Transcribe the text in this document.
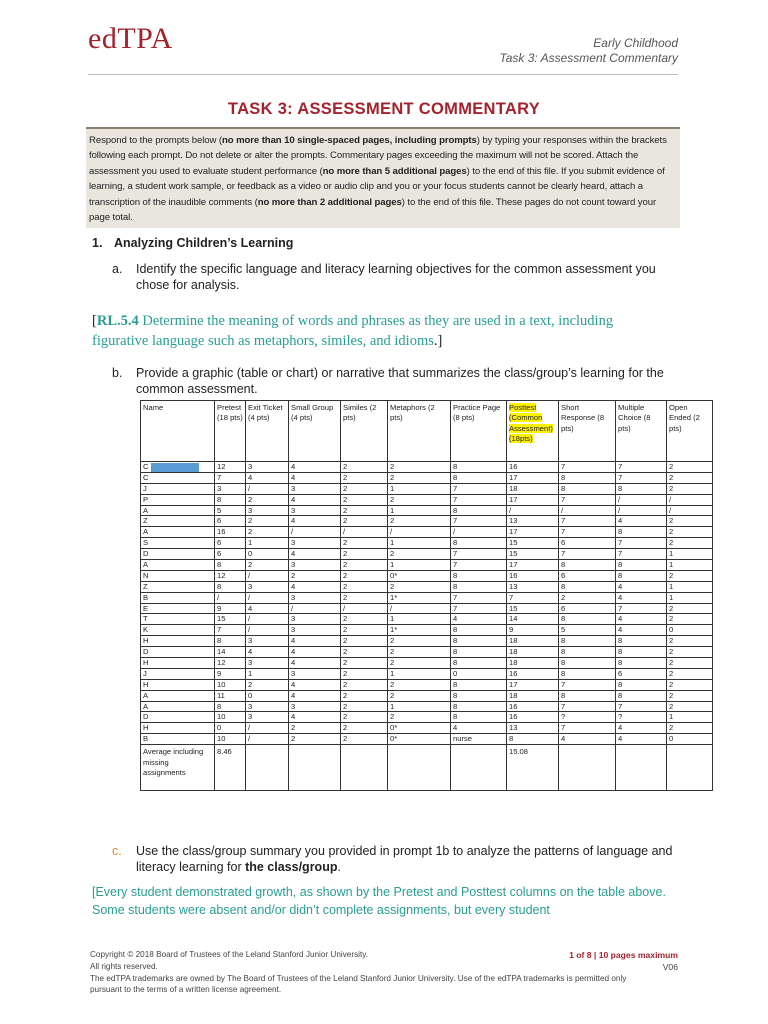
edTPA	Early Childhood
Task 3: Assessment Commentary
TASK 3: ASSESSMENT COMMENTARY
Respond to the prompts below (no more than 10 single-spaced pages, including prompts) by typing your responses within the brackets following each prompt. Do not delete or alter the prompts. Commentary pages exceeding the maximum will not be scored. Attach the assessment you used to evaluate student performance (no more than 5 additional pages) to the end of this file. If you submit evidence of learning, a student work sample, or feedback as a video or audio clip and you or your focus students cannot be clearly heard, attach a transcription of the inaudible comments (no more than 2 additional pages) to the end of this file. These pages do not count toward your page total.
1. Analyzing Children’s Learning
a. Identify the specific language and literacy learning objectives for the common assessment you chose for analysis.
[RL.5.4 Determine the meaning of words and phrases as they are used in a text, including figurative language such as metaphors, similes, and idioms.]
b. Provide a graphic (table or chart) or narrative that summarizes the class/group’s learning for the common assessment.
Name	Pretest (18 pts)	Exit Ticket (4 pts)	Small Group (4 pts)	Similes (2 pts)	Metaphors (2 pts)	Practice Page (8 pts)	Posttest (Common Assessment) (18pts)	Short Response (8 pts)	Multiple Choice (8 pts)	Open Ended (2 pts)

C	12	3	4	2	2	8	16	7	7	2
C	7	4	4	2	2	8	17	8	7	2
J	3	/	3	2	1	7	18	8	8	2
P	8	2	4	2	2	7	17	7	/	/
A	5	3	3	2	1	8	/	/	/	/
Z	6	2	4	2	2	7	13	7	4	2
A	16	2	/	/	/	/	17	7	8	2
S	6	1	3	2	1	8	15	6	7	2
D	6	0	4	2	2	7	15	7	7	1
A	8	2	3	2	1	7	17	8	8	1
N	12	/	2	2	0*	8	16	6	8	2
Z	8	3	4	2	2	8	13	8	4	1
B	/	/	3	2	1*	7	7	2	4	1
E	9	4	/	/	/	7	15	6	7	2
T	15	/	3	2	1	4	14	8	4	2
K	7	/	3	2	1*	8	9	5	4	0
H	8	3	4	2	2	8	18	8	8	2
D	14	4	4	2	2	8	18	8	8	2
H	12	3	4	2	2	8	18	8	8	2
J	9	1	3	2	1	0	16	8	6	2
H	10	2	4	2	2	8	17	7	8	2
A	11	0	4	2	2	8	18	8	8	2
A	8	3	3	2	1	8	16	7	7	2
D	10	3	4	2	2	8	16	?	?	1
H	0	/	2	2	0*	4	13	7	4	2
B	10	/	2	2	0*	nurse	8	4	4	0
Average including missing assignments	8.46						15.08			
c. Use the class/group summary you provided in prompt 1b to analyze the patterns of language and literacy learning for the class/group.
[Every student demonstrated growth, as shown by the Pretest and Posttest columns on the table above. Some students were absent and/or didn’t complete assignments, but every student
Copyright © 2018 Board of Trustees of the Leland Stanford Junior University.
All rights reserved.
The edTPA trademarks are owned by The Board of Trustees of the Leland Stanford Junior University. Use of the edTPA trademarks is permitted only pursuant to the terms of a written license agreement.
1 of 8 | 10 pages maximum
V06
